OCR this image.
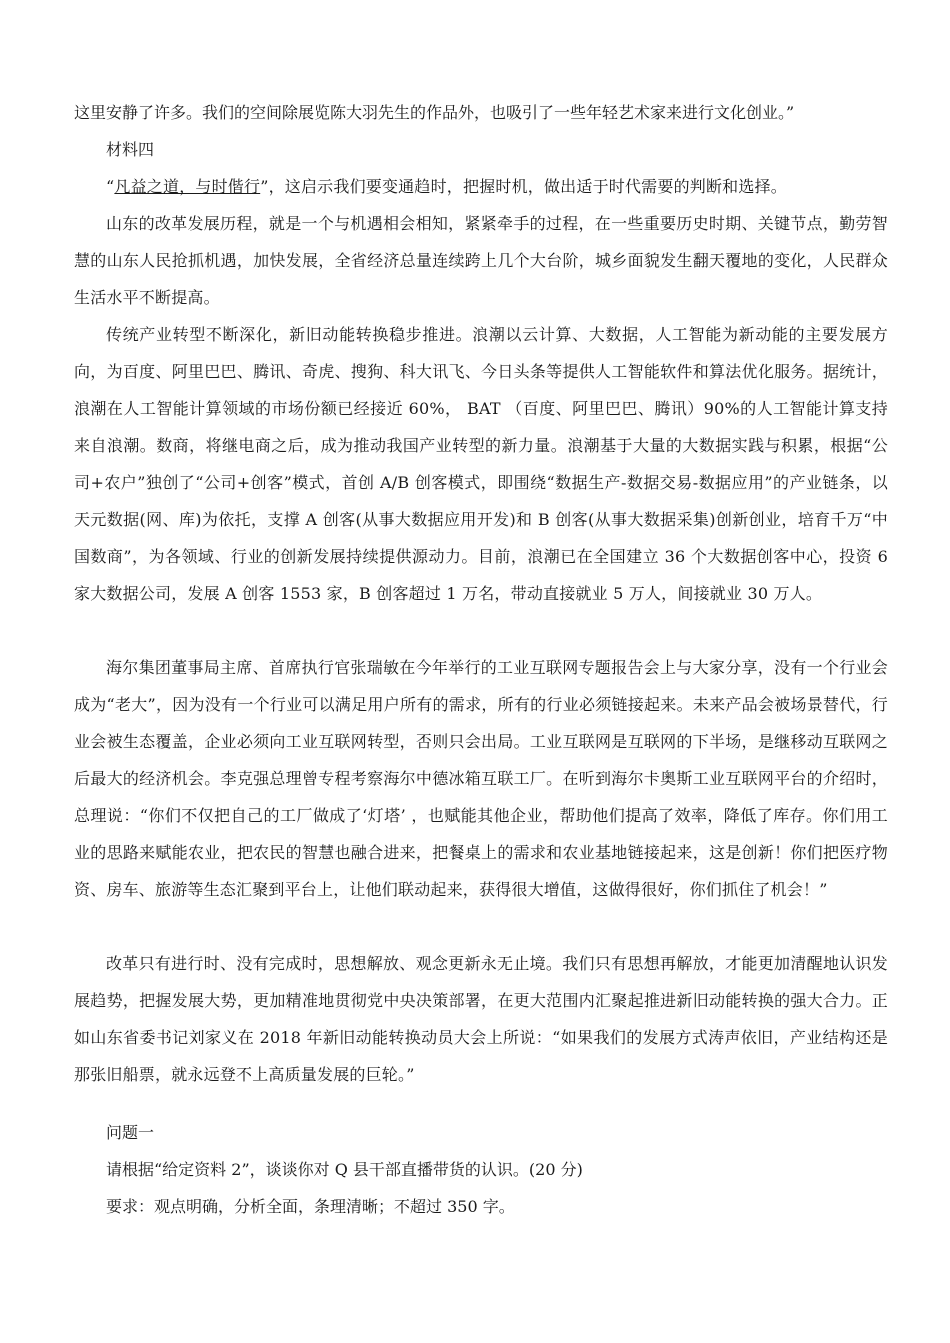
这里安静了许多。我们的空间除展览陈大羽先生的作品外，也吸引了一些年轻艺术家来进行文化创业。”

材料四

“凡益之道，与时偕行”，这启示我们要变通趋时，把握时机，做出适于时代需要的判断和选择。

山东的改革发展历程，就是一个与机遇相会相知，紧紧牵手的过程，在一些重要历史时期、关键节点，勤劳智慧的山东人民抢抓机遇，加快发展，全省经济总量连续跨上几个大台阶，城乡面貌发生翻天覆地的变化，人民群众生活水平不断提高。

传统产业转型不断深化，新旧动能转换稳步推进。浪潮以云计算、大数据，人工智能为新动能的主要发展方向，为百度、阿里巴巴、腾讯、奇虎、搜狗、科大讯飞、今日头条等提供人工智能软件和算法优化服务。据统计，浪潮在人工智能计算领域的市场份额已经接近 60%， BAT （百度、阿里巴巴、腾讯）90%的人工智能计算支持来自浪潮。数商，将继电商之后，成为推动我国产业转型的新力量。浪潮基于大量的大数据实践与积累，根据“公司+农户”独创了“公司+创客”模式，首创 A/B 创客模式，即围绕“数据生产-数据交易-数据应用”的产业链条，以天元数据(网、库)为依托，支撑 A 创客(从事大数据应用开发)和 B 创客(从事大数据采集)创新创业，培育千万“中国数商”，为各领域、行业的创新发展持续提供源动力。目前，浪潮已在全国建立 36 个大数据创客中心，投资 6 家大数据公司，发展 A 创客 1553 家，B 创客超过 1 万名，带动直接就业 5 万人，间接就业 30 万人。

海尔集团董事局主席、首席执行官张瑞敏在今年举行的工业互联网专题报告会上与大家分享，没有一个行业会成为“老大”，因为没有一个行业可以满足用户所有的需求，所有的行业必须链接起来。未来产品会被场景替代，行业会被生态覆盖，企业必须向工业互联网转型，否则只会出局。工业互联网是互联网的下半场，是继移动互联网之后最大的经济机会。李克强总理曾专程考察海尔中德冰箱互联工厂。在听到海尔卡奥斯工业互联网平台的介绍时，总理说：“你们不仅把自己的工厂做成了‘灯塔’ ，也赋能其他企业，帮助他们提高了效率，降低了库存。你们用工业的思路来赋能农业，把农民的智慧也融合进来，把餐桌上的需求和农业基地链接起来，这是创新！你们把医疗物资、房车、旅游等生态汇聚到平台上，让他们联动起来，获得很大增值，这做得很好，你们抓住了机会！”

改革只有进行时、没有完成时，思想解放、观念更新永无止境。我们只有思想再解放，才能更加清醒地认识发展趋势，把握发展大势，更加精准地贯彻党中央决策部署，在更大范围内汇聚起推进新旧动能转换的强大合力。正如山东省委书记刘家义在 2018 年新旧动能转换动员大会上所说：“如果我们的发展方式涛声依旧，产业结构还是那张旧船票，就永远登不上高质量发展的巨轮。”

问题一

请根据“给定资料 2”，谈谈你对 Q 县干部直播带货的认识。(20 分)

要求：观点明确，分析全面，条理清晰；不超过 350 字。
